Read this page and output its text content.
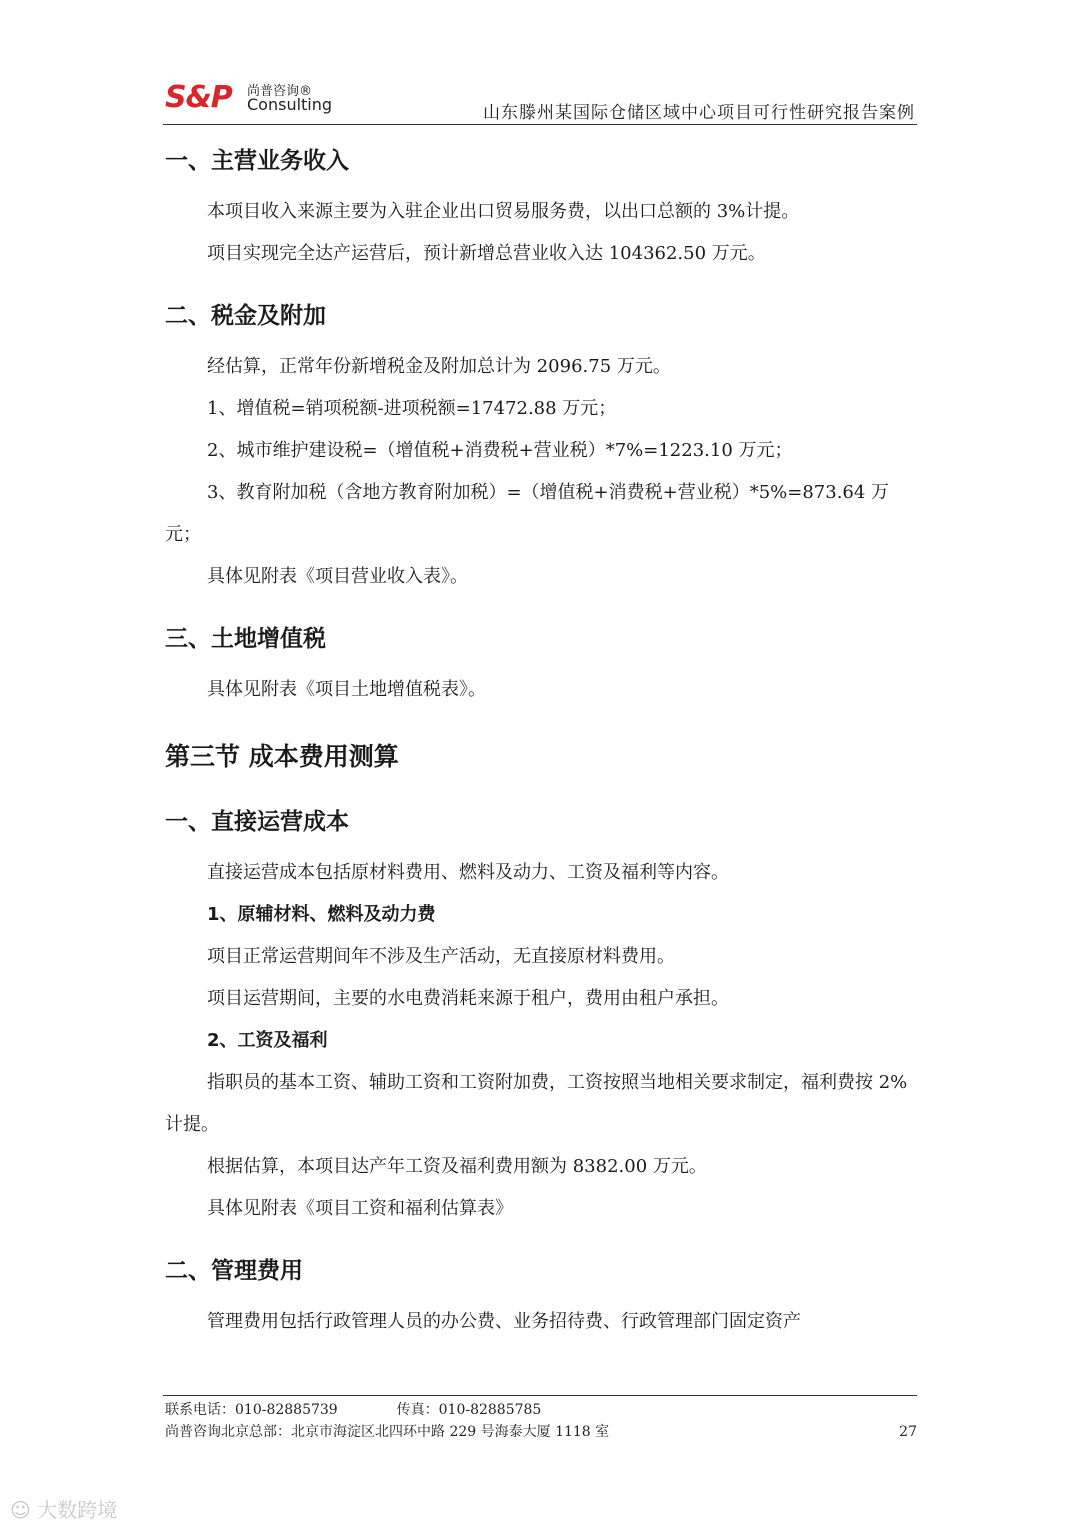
S&P 尚普咨询®
Consulting	山东滕州某国际仓储区域中心项目可行性研究报告案例
一、主营业务收入

本项目收入来源主要为入驻企业出口贸易服务费，以出口总额的 3%计提。

项目实现完全达产运营后，预计新增总营业收入达 104362.50 万元。

二、税金及附加

经估算，正常年份新增税金及附加总计为 2096.75 万元。

1、增值税=销项税额-进项税额=17472.88 万元；

2、城市维护建设税=（增值税+消费税+营业税）*7%=1223.10 万元；

3、教育附加税（含地方教育附加税）=（增值税+消费税+营业税）*5%=873.64 万元；

具体见附表《项目营业收入表》。

三、土地增值税

具体见附表《项目土地增值税表》。

第三节 成本费用测算
一、直接运营成本

直接运营成本包括原材料费用、燃料及动力、工资及福利等内容。

1、原辅材料、燃料及动力费

项目正常运营期间年不涉及生产活动，无直接原材料费用。

项目运营期间，主要的水电费消耗来源于租户，费用由租户承担。

2、工资及福利

指职员的基本工资、辅助工资和工资附加费，工资按照当地相关要求制定，福利费按 2%计提。

根据估算，本项目达产年工资及福利费用额为 8382.00 万元。

具体见附表《项目工资和福利估算表》

二、管理费用

管理费用包括行政管理人员的办公费、业务招待费、行政管理部门固定资产

联系电话：010-82885739	传真：010-82885785
尚普咨询北京总部：北京市海淀区北四环中路 229 号海泰大厦 1118 室	27
☺ 大数跨境
